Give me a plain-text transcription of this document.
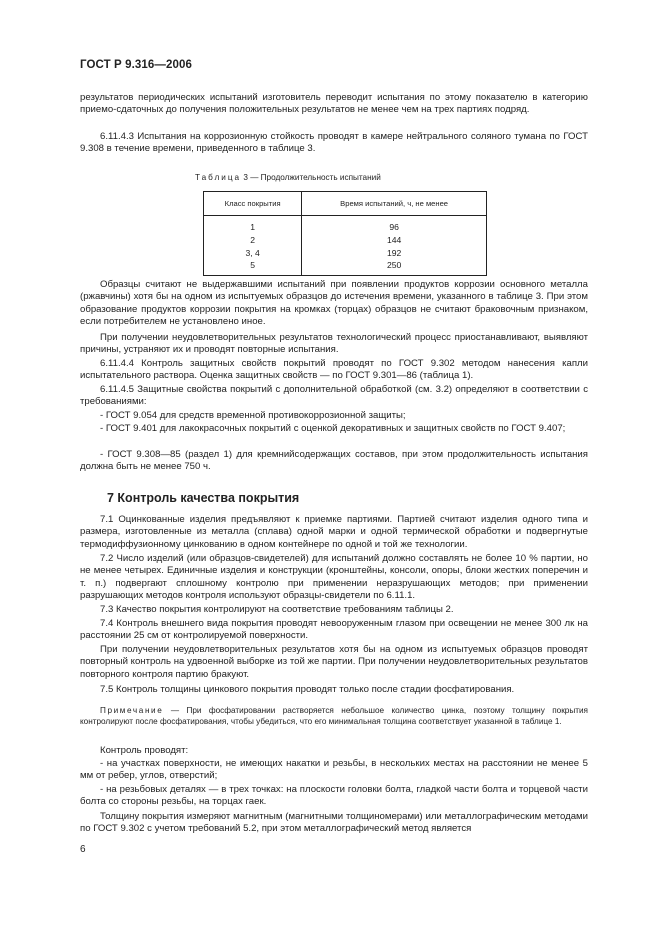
ГОСТ Р 9.316—2006
результатов периодических испытаний изготовитель переводит испытания по этому показателю в категорию приемо-сдаточных до получения положительных результатов не менее чем на трех партиях подряд.
6.11.4.3 Испытания на коррозионную стойкость проводят в камере нейтрального соляного тумана по ГОСТ 9.308 в течение времени, приведенного в таблице 3.
Таблица 3 — Продолжительность испытаний
Класс покрытия	Время испытаний, ч, не менее
1	96
2	144
3, 4	192
5	250
Образцы считают не выдержавшими испытаний при появлении продуктов коррозии основного металла (ржавчины) хотя бы на одном из испытуемых образцов до истечения времени, указанного в таблице 3. При этом образование продуктов коррозии покрытия на кромках (торцах) образцов не считают браковочным признаком, если потребителем не установлено иное.
При получении неудовлетворительных результатов технологический процесс приостанавливают, выявляют причины, устраняют их и проводят повторные испытания.
6.11.4.4 Контроль защитных свойств покрытий проводят по ГОСТ 9.302 методом нанесения капли испытательного раствора. Оценка защитных свойств — по ГОСТ 9.301—86 (таблица 1).
6.11.4.5 Защитные свойства покрытий с дополнительной обработкой (см. 3.2) определяют в соответствии с требованиями:
- ГОСТ 9.054 для средств временной противокоррозионной защиты;
- ГОСТ 9.401 для лакокрасочных покрытий с оценкой декоративных и защитных свойств по ГОСТ 9.407;
- ГОСТ 9.308—85 (раздел 1) для кремнийсодержащих составов, при этом продолжительность испытания должна быть не менее 750 ч.
7 Контроль качества покрытия
7.1 Оцинкованные изделия предъявляют к приемке партиями. Партией считают изделия одного типа и размера, изготовленные из металла (сплава) одной марки и одной термической обработки и подвергнутые термодиффузионному цинкованию в одном контейнере по одной и той же технологии.
7.2 Число изделий (или образцов-свидетелей) для испытаний должно составлять не более 10 % партии, но не менее четырех. Единичные изделия и конструкции (кронштейны, консоли, опоры, блоки жестких поперечин и т. п.) подвергают сплошному контролю при применении неразрушающих методов; при применении разрушающих методов контроля используют образцы-свидетели по 6.11.1.
7.3 Качество покрытия контролируют на соответствие требованиям таблицы 2.
7.4 Контроль внешнего вида покрытия проводят невооруженным глазом при освещении не менее 300 лк на расстоянии 25 см от контролируемой поверхности.
При получении неудовлетворительных результатов хотя бы на одном из испытуемых образцов проводят повторный контроль на удвоенной выборке из той же партии. При получении неудовлетворительных результатов повторного контроля партию бракуют.
7.5 Контроль толщины цинкового покрытия проводят только после стадии фосфатирования.
Примечание — При фосфатировании растворяется небольшое количество цинка, поэтому толщину покрытия контролируют после фосфатирования, чтобы убедиться, что его минимальная толщина соответствует указанной в таблице 1.
Контроль проводят:
- на участках поверхности, не имеющих накатки и резьбы, в нескольких местах на расстоянии не менее 5 мм от ребер, углов, отверстий;
- на резьбовых деталях — в трех точках: на плоскости головки болта, гладкой части болта и торцевой части болта со стороны резьбы, на торцах гаек.
Толщину покрытия измеряют магнитным (магнитными толщиномерами) или металлографическим методами по ГОСТ 9.302 с учетом требований 5.2, при этом металлографический метод является
6
